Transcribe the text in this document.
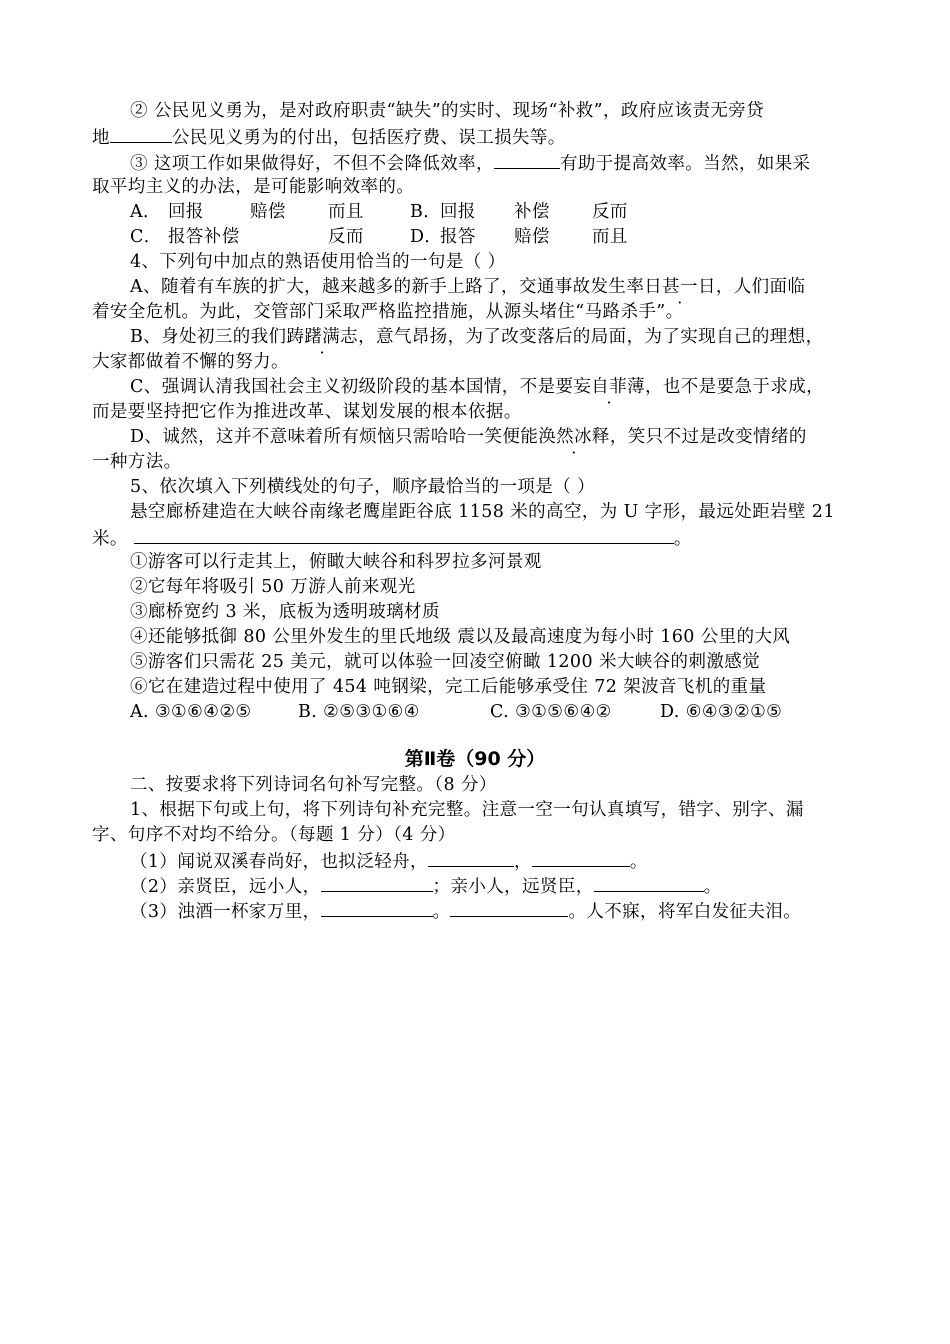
② 公民见义勇为，是对政府职责“缺失”的实时、现场“补救”，政府应该责无旁贷
地	公民见义勇为的付出，包括医疗费、误工损失等。
③ 这项工作如果做得好，不但不会降低效率，	有助于提高效率。当然，如果采
取平均主义的办法，是可能影响效率的。
A． 回报	赔偿 而且	B．回报 补偿 反而
C． 报答补偿	反而	D．报答 赔偿 而且
4、下列句中加点的熟语使用恰当的一句是（ ）
A、随着有车族的扩大，越来越多的新手上路了，交通事故发生率日甚一日，人们面临
着安全危机。为此，交管部门采取严格监控措施，从源头堵住“马路杀手”。
B、身处初三的我们踌躇满志，意气昂扬，为了改变落后的局面，为了实现自己的理想，
大家都做着不懈的努力。
C、强调认清我国社会主义初级阶段的基本国情，不是要妄自菲薄，也不是要急于求成，
而是要坚持把它作为推进改革、谋划发展的根本依据。
D、诚然，这并不意味着所有烦恼只需哈哈一笑便能涣然冰释，笑只不过是改变情绪的
一种方法。
5、依次填入下列横线处的句子，顺序最恰当的一项是（ ）
悬空廊桥建造在大峡谷南缘老鹰崖距谷底 1158 米的高空，为 U 字形，最远处距岩壁 21
米。	。
①游客可以行走其上，俯瞰大峡谷和科罗拉多河景观
②它每年将吸引 50 万游人前来观光
③廊桥宽约 3 米，底板为透明玻璃材质
④还能够抵御 80 公里外发生的里氏地级 震以及最高速度为每小时 160 公里的大风
⑤游客们只需花 25 美元，就可以体验一回凌空俯瞰 1200 米大峡谷的刺激感觉
⑥它在建造过程中使用了 454 吨钢梁，完工后能够承受住 72 架波音飞机的重量
A. ③①⑥④②⑤	B. ②⑤③①⑥④	C. ③①⑤⑥④②	D. ⑥④③②①⑤
第Ⅱ卷（90 分）
二、按要求将下列诗词名句补写完整。（8 分）
1、根据下句或上句，将下列诗句补充完整。注意一空一句认真填写，错字、别字、漏
字、句序不对均不给分。（每题 1 分）（4 分）
（1）闻说双溪春尚好，也拟泛轻舟，	，	。
（2）亲贤臣，远小人，	；亲小人，远贤臣，	。
（3）浊酒一杯家万里，	。	。人不寐，将军白发征夫泪。
